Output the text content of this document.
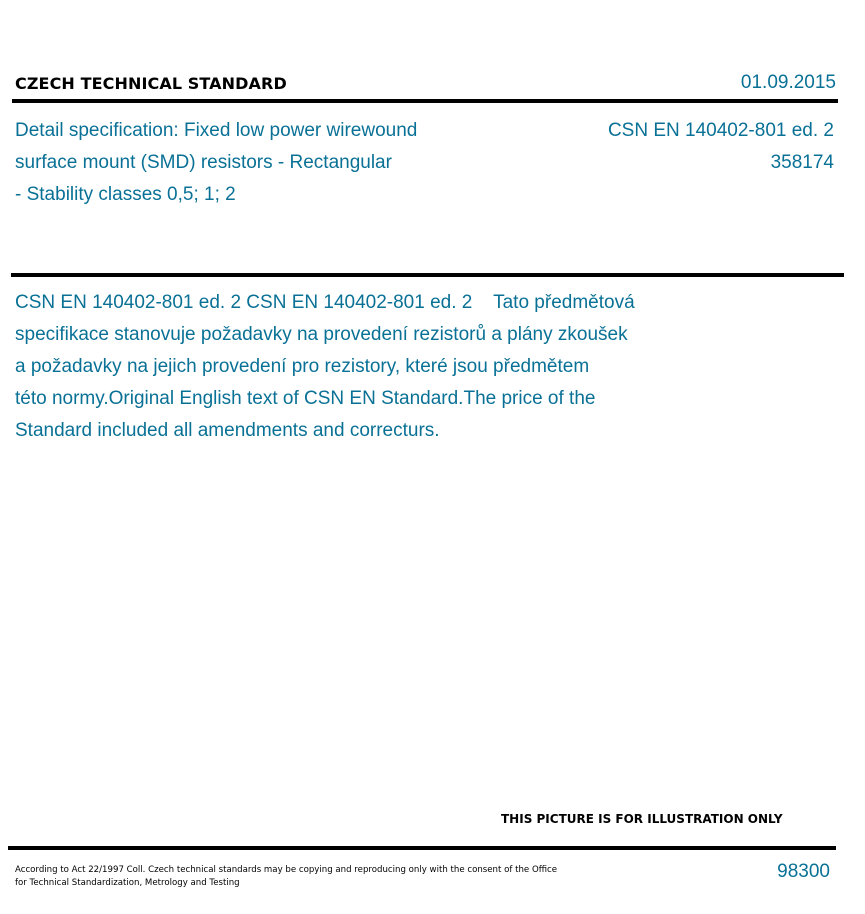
CZECH TECHNICAL STANDARD	01.09.2015
Detail specification: Fixed low power wirewound
surface mount (SMD) resistors - Rectangular
- Stability classes 0,5; 1; 2
CSN EN 140402-801 ed. 2
358174
CSN EN 140402-801 ed. 2 CSN EN 140402-801 ed. 2    Tato předmětová
specifikace stanovuje požadavky na provedení rezistorů a plány zkoušek
a požadavky na jejich provedení pro rezistory, které jsou předmětem
této normy.Original English text of CSN EN Standard.The price of the
Standard included all amendments and correcturs.
THIS PICTURE IS FOR ILLUSTRATION ONLY
According to Act 22/1997 Coll. Czech technical standards may be copying and reproducing only with the consent of the Office
for Technical Standardization, Metrology and Testing
98300
